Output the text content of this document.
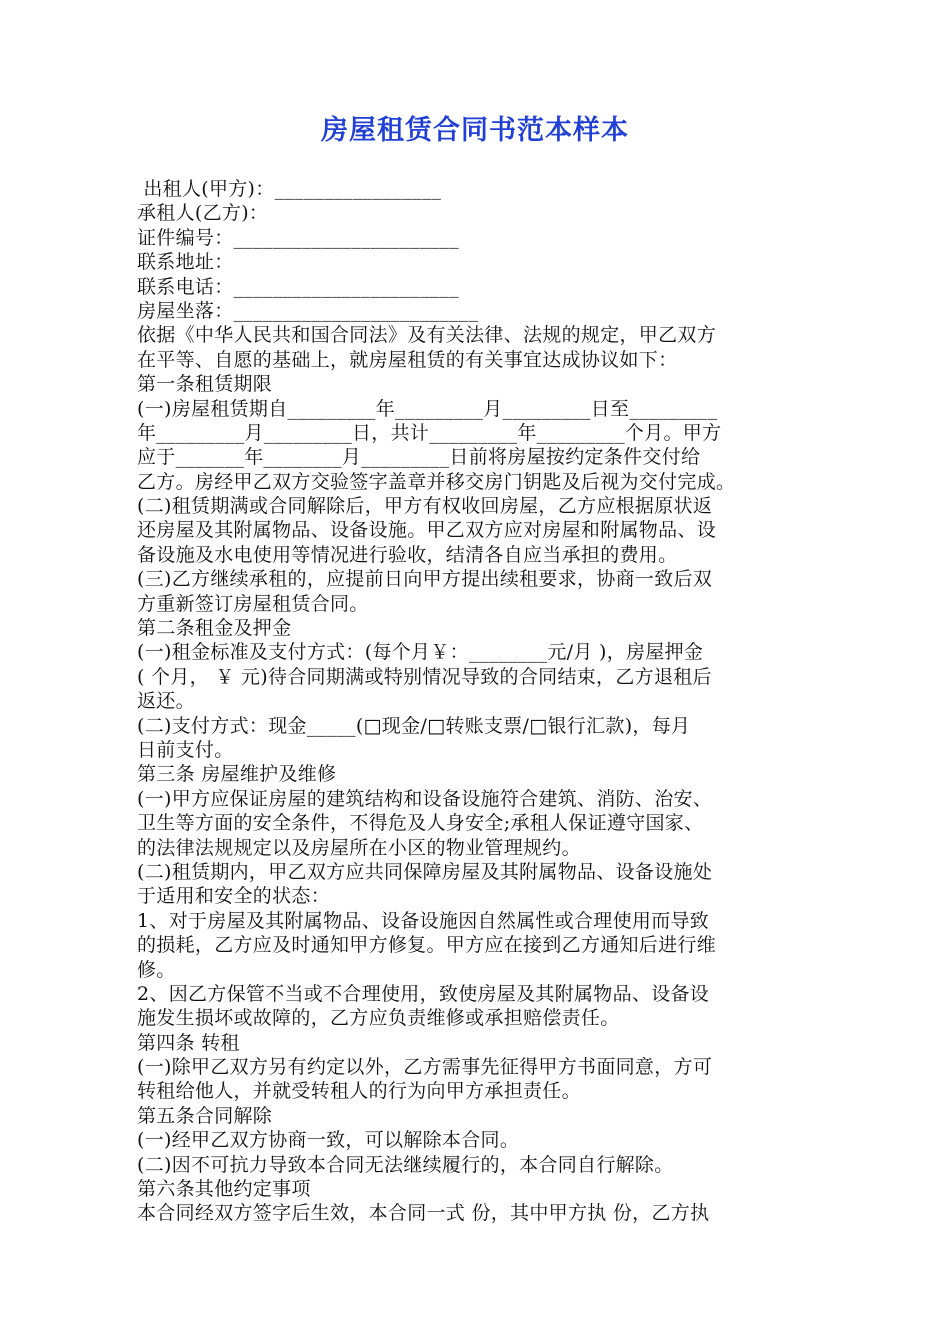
房屋租赁合同书范本样本
出租人(甲方)：_________________
承租人(乙方)：
证件编号：_______________________
联系地址：
联系电话：_______________________
房屋坐落：_________________________
依据《中华人民共和国合同法》及有关法律、法规的规定，甲乙双方
在平等、自愿的基础上，就房屋租赁的有关事宜达成协议如下：
第一条租赁期限
(一)房屋租赁期自_________年_________月_________日至_________
年_________月_________日，共计_________年_________个月。甲方
应于_______年________月_________日前将房屋按约定条件交付给
乙方。房经甲乙双方交验签字盖章并移交房门钥匙及后视为交付完成。
(二)租赁期满或合同解除后，甲方有权收回房屋，乙方应根据原状返
还房屋及其附属物品、设备设施。甲乙双方应对房屋和附属物品、设
备设施及水电使用等情况进行验收，结清各自应当承担的费用。
(三)乙方继续承租的，应提前日向甲方提出续租要求，协商一致后双
方重新签订房屋租赁合同。
第二条租金及押金
(一)租金标准及支付方式：(每个月￥：________元/月 )，房屋押金
( 个月， ￥ 元)待合同期满或特别情况导致的合同结束，乙方退租后
返还。
(二)支付方式：现金_____(□现金/□转账支票/□银行汇款)，每月
日前支付。
第三条 房屋维护及维修
(一)甲方应保证房屋的建筑结构和设备设施符合建筑、消防、治安、
卫生等方面的安全条件，不得危及人身安全;承租人保证遵守国家、
的法律法规规定以及房屋所在小区的物业管理规约。
(二)租赁期内，甲乙双方应共同保障房屋及其附属物品、设备设施处
于适用和安全的状态：
1、对于房屋及其附属物品、设备设施因自然属性或合理使用而导致
的损耗，乙方应及时通知甲方修复。甲方应在接到乙方通知后进行维
修。
2、因乙方保管不当或不合理使用，致使房屋及其附属物品、设备设
施发生损坏或故障的，乙方应负责维修或承担赔偿责任。
第四条 转租
(一)除甲乙双方另有约定以外，乙方需事先征得甲方书面同意，方可
转租给他人，并就受转租人的行为向甲方承担责任。
第五条合同解除
(一)经甲乙双方协商一致，可以解除本合同。
(二)因不可抗力导致本合同无法继续履行的，本合同自行解除。
第六条其他约定事项
本合同经双方签字后生效，本合同一式 份，其中甲方执 份，乙方执
